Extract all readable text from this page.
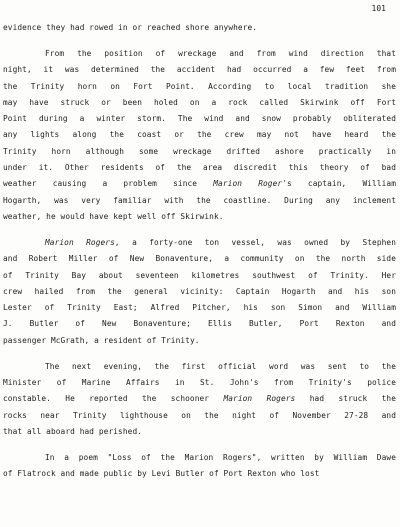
101
evidence they had rowed in or reached shore anywhere.
From the position of wreckage and from wind direction that
night, it was determined the accident had occurred a few feet from
the Trinity horn on Fort Point. According to local tradition she
may have struck or been holed on a rock called Skirwink off Fort
Point during a winter storm. The wind and snow probably obliterated
any lights along the coast or the crew may not have heard the
Trinity horn although some wreckage drifted ashore practically in
under it. Other residents of the area discredit this theory of bad
weather causing a problem since Marion Roger's captain, William
Hogarth, was very familiar with the coastline. During any inclement
weather, he would have kept well off Skirwink.
Marion Rogers, a forty-one ton vessel, was owned by Stephen
and Robert Miller of New Bonaventure, a community on the north side
of Trinity Bay about seventeen kilometres southwest of Trinity. Her
crew hailed from the general vicinity: Captain Hogarth and his son
Lester of Trinity East; Alfred Pitcher, his son Simon and William
J. Butler of New Bonaventure; Ellis Butler, Port Rexton and
passenger McGrath, a resident of Trinity.
The next evening, the first official word was sent to the
Minister of Marine Affairs in St. John's from Trinity's police
constable. He reported the schooner Marion Rogers had struck the
rocks near Trinity lighthouse on the night of November 27-28 and
that all aboard had perished.
In a poem "Loss of the Marion Rogers", written by William Dawe
of Flatrock and made public by Levi Butler of Port Rexton who lost
